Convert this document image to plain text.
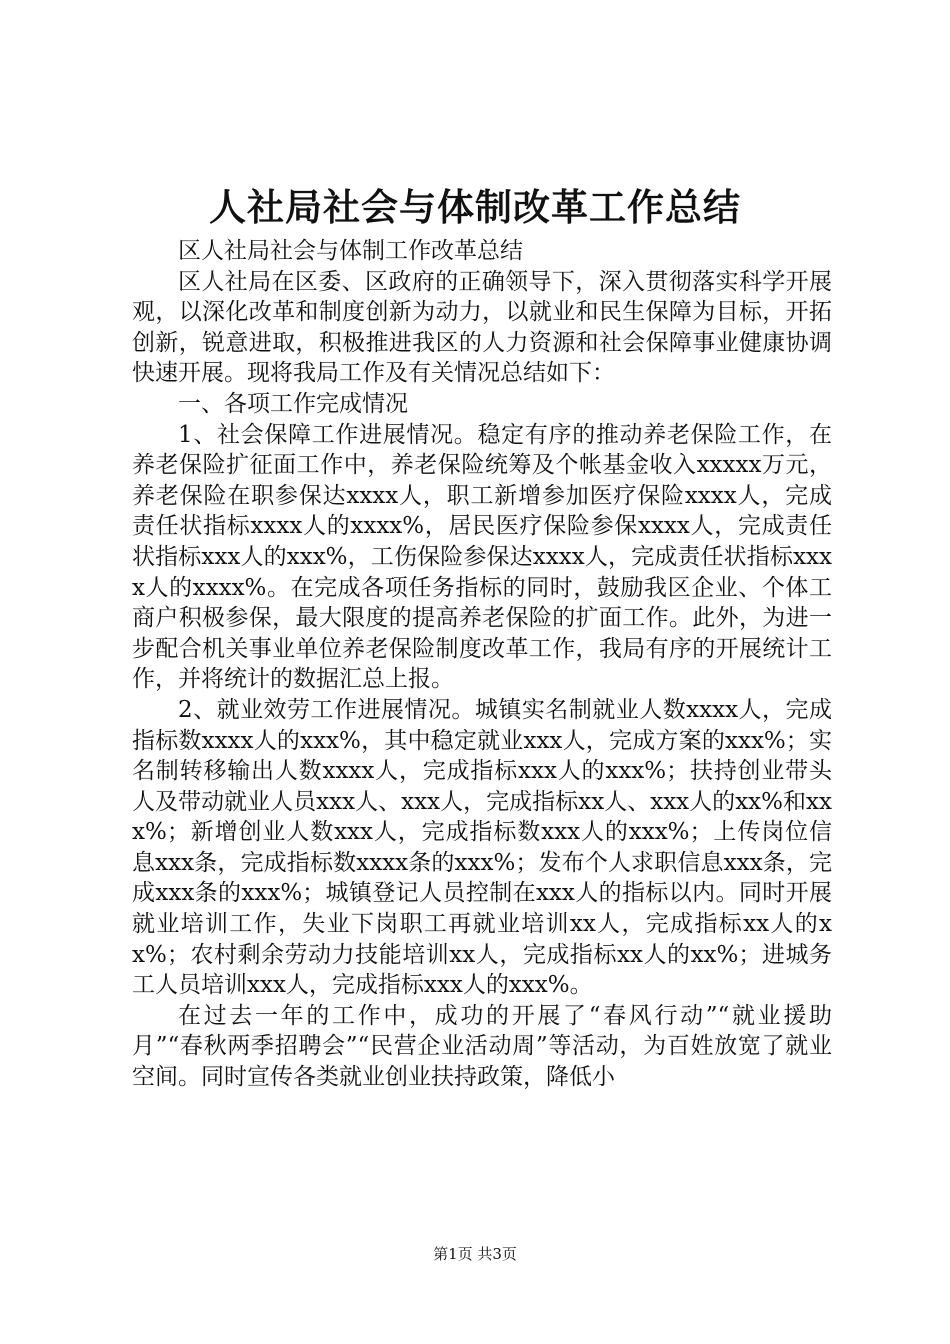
人社局社会与体制改革工作总结

区人社局社会与体制工作改革总结

区人社局在区委、区政府的正确领导下，深入贯彻落实科学开展观，以深化改革和制度创新为动力，以就业和民生保障为目标，开拓创新，锐意进取，积极推进我区的人力资源和社会保障事业健康协调快速开展。现将我局工作及有关情况总结如下：

一、各项工作完成情况

1、社会保障工作进展情况。稳定有序的推动养老保险工作，在养老保险扩征面工作中，养老保险统筹及个帐基金收入xxxxx万元，养老保险在职参保达xxxx人，职工新增参加医疗保险xxxx人，完成责任状指标xxxx人的xxxx%，居民医疗保险参保xxxx人，完成责任状指标xxx人的xxx%，工伤保险参保达xxxx人，完成责任状指标xxxx人的xxxx%。在完成各项任务指标的同时，鼓励我区企业、个体工商户积极参保，最大限度的提高养老保险的扩面工作。此外，为进一步配合机关事业单位养老保险制度改革工作，我局有序的开展统计工作，并将统计的数据汇总上报。

2、就业效劳工作进展情况。城镇实名制就业人数xxxx人，完成指标数xxxx人的xxx%，其中稳定就业xxx人，完成方案的xxx%；实名制转移输出人数xxxx人，完成指标xxx人的xxx%；扶持创业带头人及带动就业人员xxx人、xxx人，完成指标xx人、xxx人的xx%和xxx%；新增创业人数xxx人，完成指标数xxx人的xxx%；上传岗位信息xxx条，完成指标数xxxx条的xxx%；发布个人求职信息xxx条，完成xxx条的xxx%；城镇登记人员控制在xxx人的指标以内。同时开展就业培训工作，失业下岗职工再就业培训xx人，完成指标xx人的xx%；农村剩余劳动力技能培训xx人，完成指标xx人的xx%；进城务工人员培训xxx人，完成指标xxx人的xxx%。

在过去一年的工作中，成功的开展了“春风行动”“就业援助月”“春秋两季招聘会”“民营企业活动周”等活动，为百姓放宽了就业空间。同时宣传各类就业创业扶持政策，降低小

第1页 共3页
